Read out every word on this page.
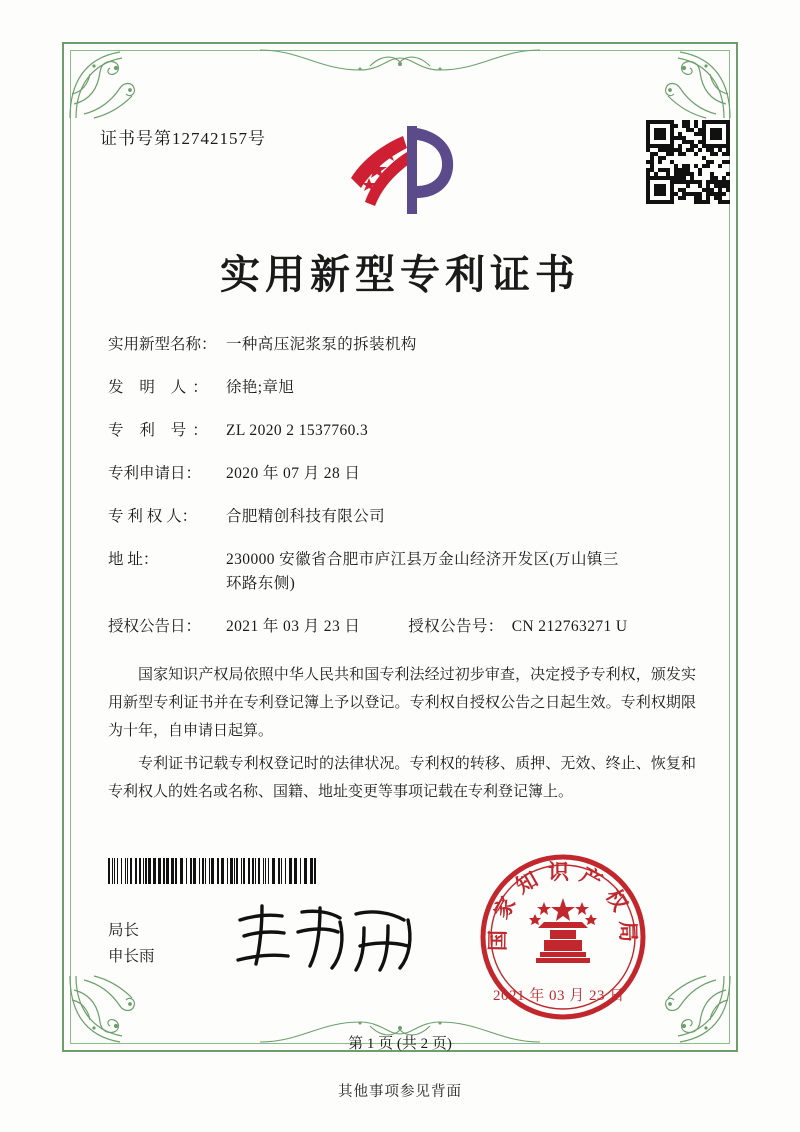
证书号第12742157号
实用新型专利证书
实用新型名称： 一种高压泥浆泵的拆装机构
发 明 人： 徐艳;章旭
专 利 号： ZL 2020 2 1537760.3
专利申请日：	2020 年 07 月 28 日
专 利 权 人：	合肥精创科技有限公司
地 址：	230000 安徽省合肥市庐江县万金山经济开发区(万山镇三
环路东侧)
授权公告日：	2021 年 03 月 23 日	授权公告号： CN 212763271 U

国家知识产权局依照中华人民共和国专利法经过初步审查，决定授予专利权，颁发实用新型专利证书并在专利登记簿上予以登记。专利权自授权公告之日起生效。专利权期限为十年，自申请日起算。

专利证书记载专利权登记时的法律状况。专利权的转移、质押、无效、终止、恢复和专利权人的姓名或名称、国籍、地址变更等事项记载在专利登记簿上。

局长
申长雨
国家知识产权局
2021 年 03 月 23 日
第 1 页 (共 2 页)
其他事项参见背面
